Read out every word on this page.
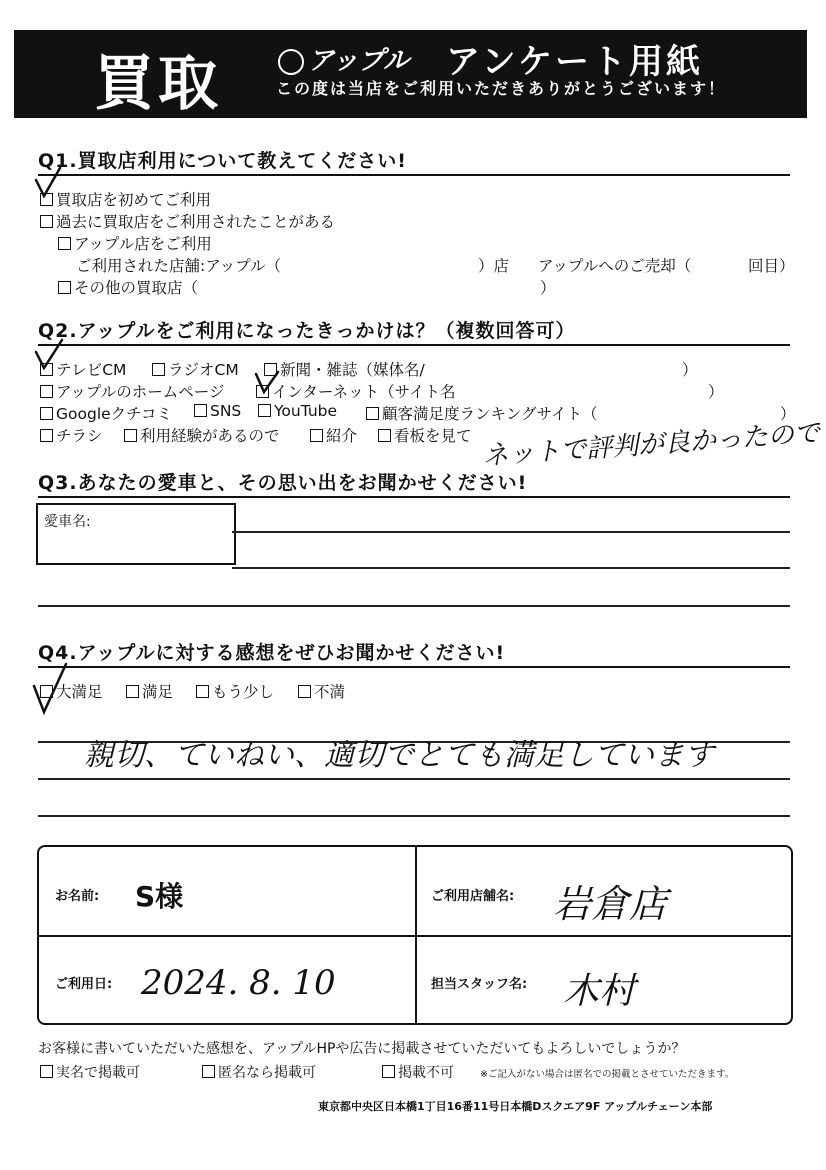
買取	アップル アンケート用紙
この度は当店をご利用いただきありがとうございます！
Q1.買取店利用について教えてください!
買取店を初めてご利用
過去に買取店をご利用されたことがある
アップル店をご利用
ご利用された店舗:アップル（	）店 アップルへのご売却（	回目）
その他の買取店（	）
Q2.アップルをご利用になったきっかけは？（複数回答可）
テレビCM	ラジオCM	新聞・雑誌（媒体名/	）
アップルのホームページ	インターネット（サイト名	）
Googleクチコミ	SNS	YouTube	顧客満足度ランキングサイト（	）
チラシ	利用経験があるので	紹介	看板を見て ネットで評判が良かったので
Q3.あなたの愛車と、その思い出をお聞かせください!
愛車名:
Q4.アップルに対する感想をぜひお聞かせください!
大満足	満足	もう少し	不満
親切、ていねい、適切でとても満足しています
お名前: S様	ご利用店舗名: 岩倉店
ご利用日: 2024. 8. 10	担当スタッフ名: 木村
お客様に書いていただいた感想を、アップルHPや広告に掲載させていただいてもよろしいでしょうか？
実名で掲載可	匿名なら掲載可	掲載不可	※ご記入がない場合は匿名での掲載とさせていただきます。
東京都中央区日本橋1丁目16番11号日本橋Dスクエア9F アップルチェーン本部
